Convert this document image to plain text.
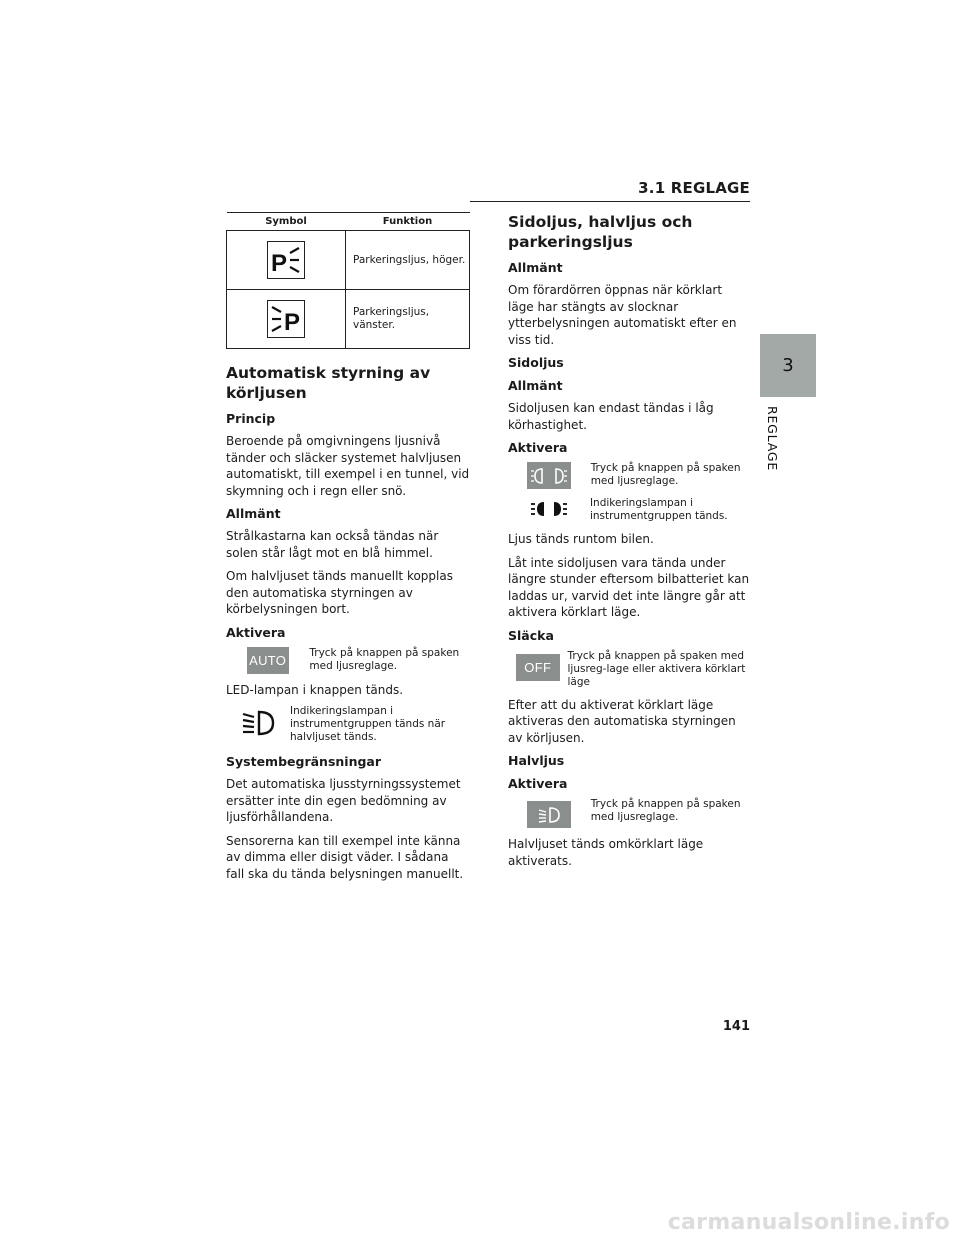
3.1 REGLAGE
3
REGLAGE
Symbol	Funktion

P	Parkeringsljus, höger.

P	Parkeringsljus, vänster.
Automatisk styrning av körljusen
Princip

Beroende på omgivningens ljusnivå tänder och släcker systemet halvljusen automatiskt, till exempel i en tunnel, vid skymning och i regn eller snö.

Allmänt

Strålkastarna kan också tändas när solen står lågt mot en blå himmel.

Om halvljuset tänds manuellt kopplas den automatiska styrningen av körbelysningen bort.

Aktivera
AUTO Tryck på knappen på spaken med ljusreglage.

LED-lampan i knappen tänds.

Indikeringslampan i instrumentgruppen tänds när halvljuset tänds.
Systembegränsningar

Det automatiska ljusstyrningssystemet ersätter inte din egen bedömning av ljusförhållandena.

Sensorerna kan till exempel inte känna av dimma eller disigt väder. I sådana fall ska du tända belysningen manuellt.

Sidoljus, halvljus och parkeringsljus
Allmänt

Om förardörren öppnas när körklart läge har stängts av slocknar ytterbelysningen automatiskt efter en viss tid.

Sidoljus
Allmänt

Sidoljusen kan endast tändas i låg körhastighet.

Aktivera
Tryck på knappen på spaken med ljusreglage.
Indikeringslampan i instrumentgruppen tänds.

Ljus tänds runtom bilen.

Låt inte sidoljusen vara tända under längre stunder eftersom bilbatteriet kan laddas ur, varvid det inte längre går att aktivera körklart läge.

Släcka
OFF
Tryck på knappen på spaken med ljusreg-lage eller aktivera körklart läge

Efter att du aktiverat körklart läge aktiveras den automatiska styrningen av körljusen.

Halvljus
Aktivera
Tryck på knappen på spaken med ljusreglage.

Halvljuset tänds omkörklart läge aktiverats.

141
carmanualsonline.info
